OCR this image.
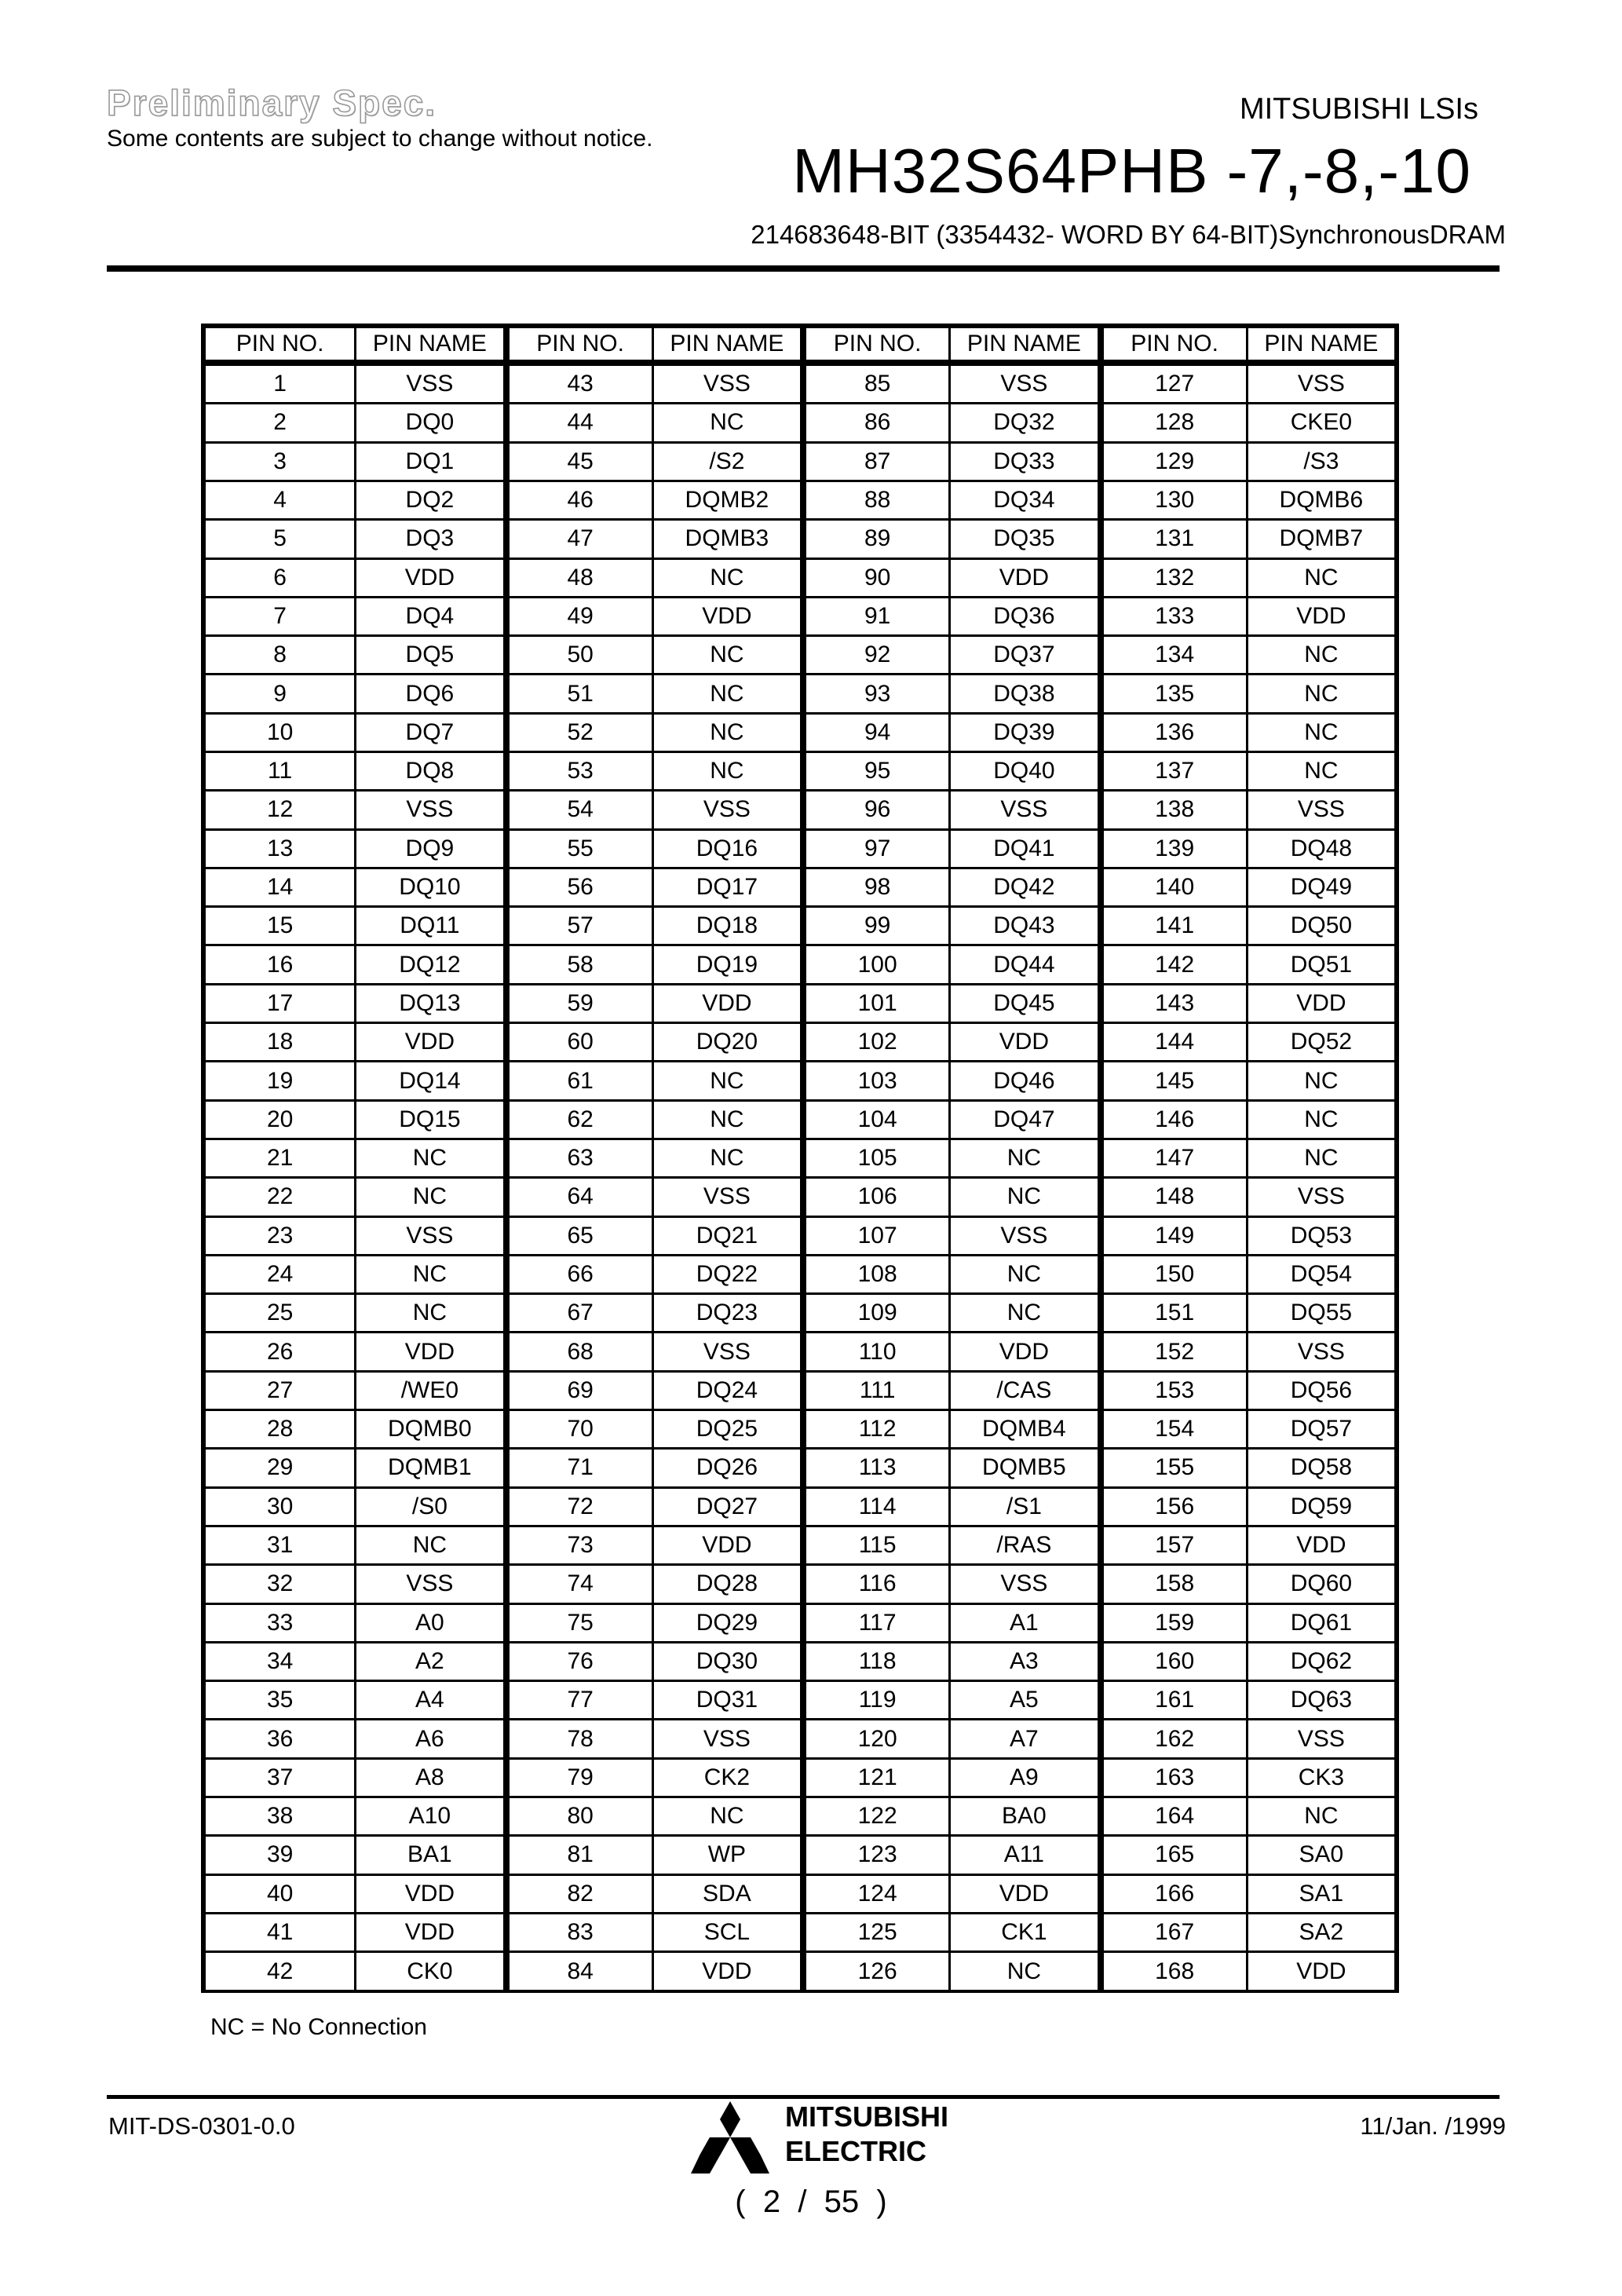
Preliminary Spec.
Some contents are subject to change without notice.
MITSUBISHI LSIs
MH32S64PHB -7,-8,-10
214683648-BIT (3354432- WORD BY 64-BIT)SynchronousDRAM
PIN NO.	PIN NAME	PIN NO.	PIN NAME	PIN NO.	PIN NAME	PIN NO.	PIN NAME
1	VSS	43	VSS	85	VSS	127	VSS
2	DQ0	44	NC	86	DQ32	128	CKE0
3	DQ1	45	/S2	87	DQ33	129	/S3
4	DQ2	46	DQMB2	88	DQ34	130	DQMB6
5	DQ3	47	DQMB3	89	DQ35	131	DQMB7
6	VDD	48	NC	90	VDD	132	NC
7	DQ4	49	VDD	91	DQ36	133	VDD
8	DQ5	50	NC	92	DQ37	134	NC
9	DQ6	51	NC	93	DQ38	135	NC
10	DQ7	52	NC	94	DQ39	136	NC
11	DQ8	53	NC	95	DQ40	137	NC
12	VSS	54	VSS	96	VSS	138	VSS
13	DQ9	55	DQ16	97	DQ41	139	DQ48
14	DQ10	56	DQ17	98	DQ42	140	DQ49
15	DQ11	57	DQ18	99	DQ43	141	DQ50
16	DQ12	58	DQ19	100	DQ44	142	DQ51
17	DQ13	59	VDD	101	DQ45	143	VDD
18	VDD	60	DQ20	102	VDD	144	DQ52
19	DQ14	61	NC	103	DQ46	145	NC
20	DQ15	62	NC	104	DQ47	146	NC
21	NC	63	NC	105	NC	147	NC
22	NC	64	VSS	106	NC	148	VSS
23	VSS	65	DQ21	107	VSS	149	DQ53
24	NC	66	DQ22	108	NC	150	DQ54
25	NC	67	DQ23	109	NC	151	DQ55
26	VDD	68	VSS	110	VDD	152	VSS
27	/WE0	69	DQ24	111	/CAS	153	DQ56
28	DQMB0	70	DQ25	112	DQMB4	154	DQ57
29	DQMB1	71	DQ26	113	DQMB5	155	DQ58
30	/S0	72	DQ27	114	/S1	156	DQ59
31	NC	73	VDD	115	/RAS	157	VDD
32	VSS	74	DQ28	116	VSS	158	DQ60
33	A0	75	DQ29	117	A1	159	DQ61
34	A2	76	DQ30	118	A3	160	DQ62
35	A4	77	DQ31	119	A5	161	DQ63
36	A6	78	VSS	120	A7	162	VSS
37	A8	79	CK2	121	A9	163	CK3
38	A10	80	NC	122	BA0	164	NC
39	BA1	81	WP	123	A11	165	SA0
40	VDD	82	SDA	124	VDD	166	SA1
41	VDD	83	SCL	125	CK1	167	SA2
42	CK0	84	VDD	126	NC	168	VDD
NC = No Connection
MIT-DS-0301-0.0	MITSUBISHI
ELECTRIC
11/Jan. /1999
( 2 / 55 )
